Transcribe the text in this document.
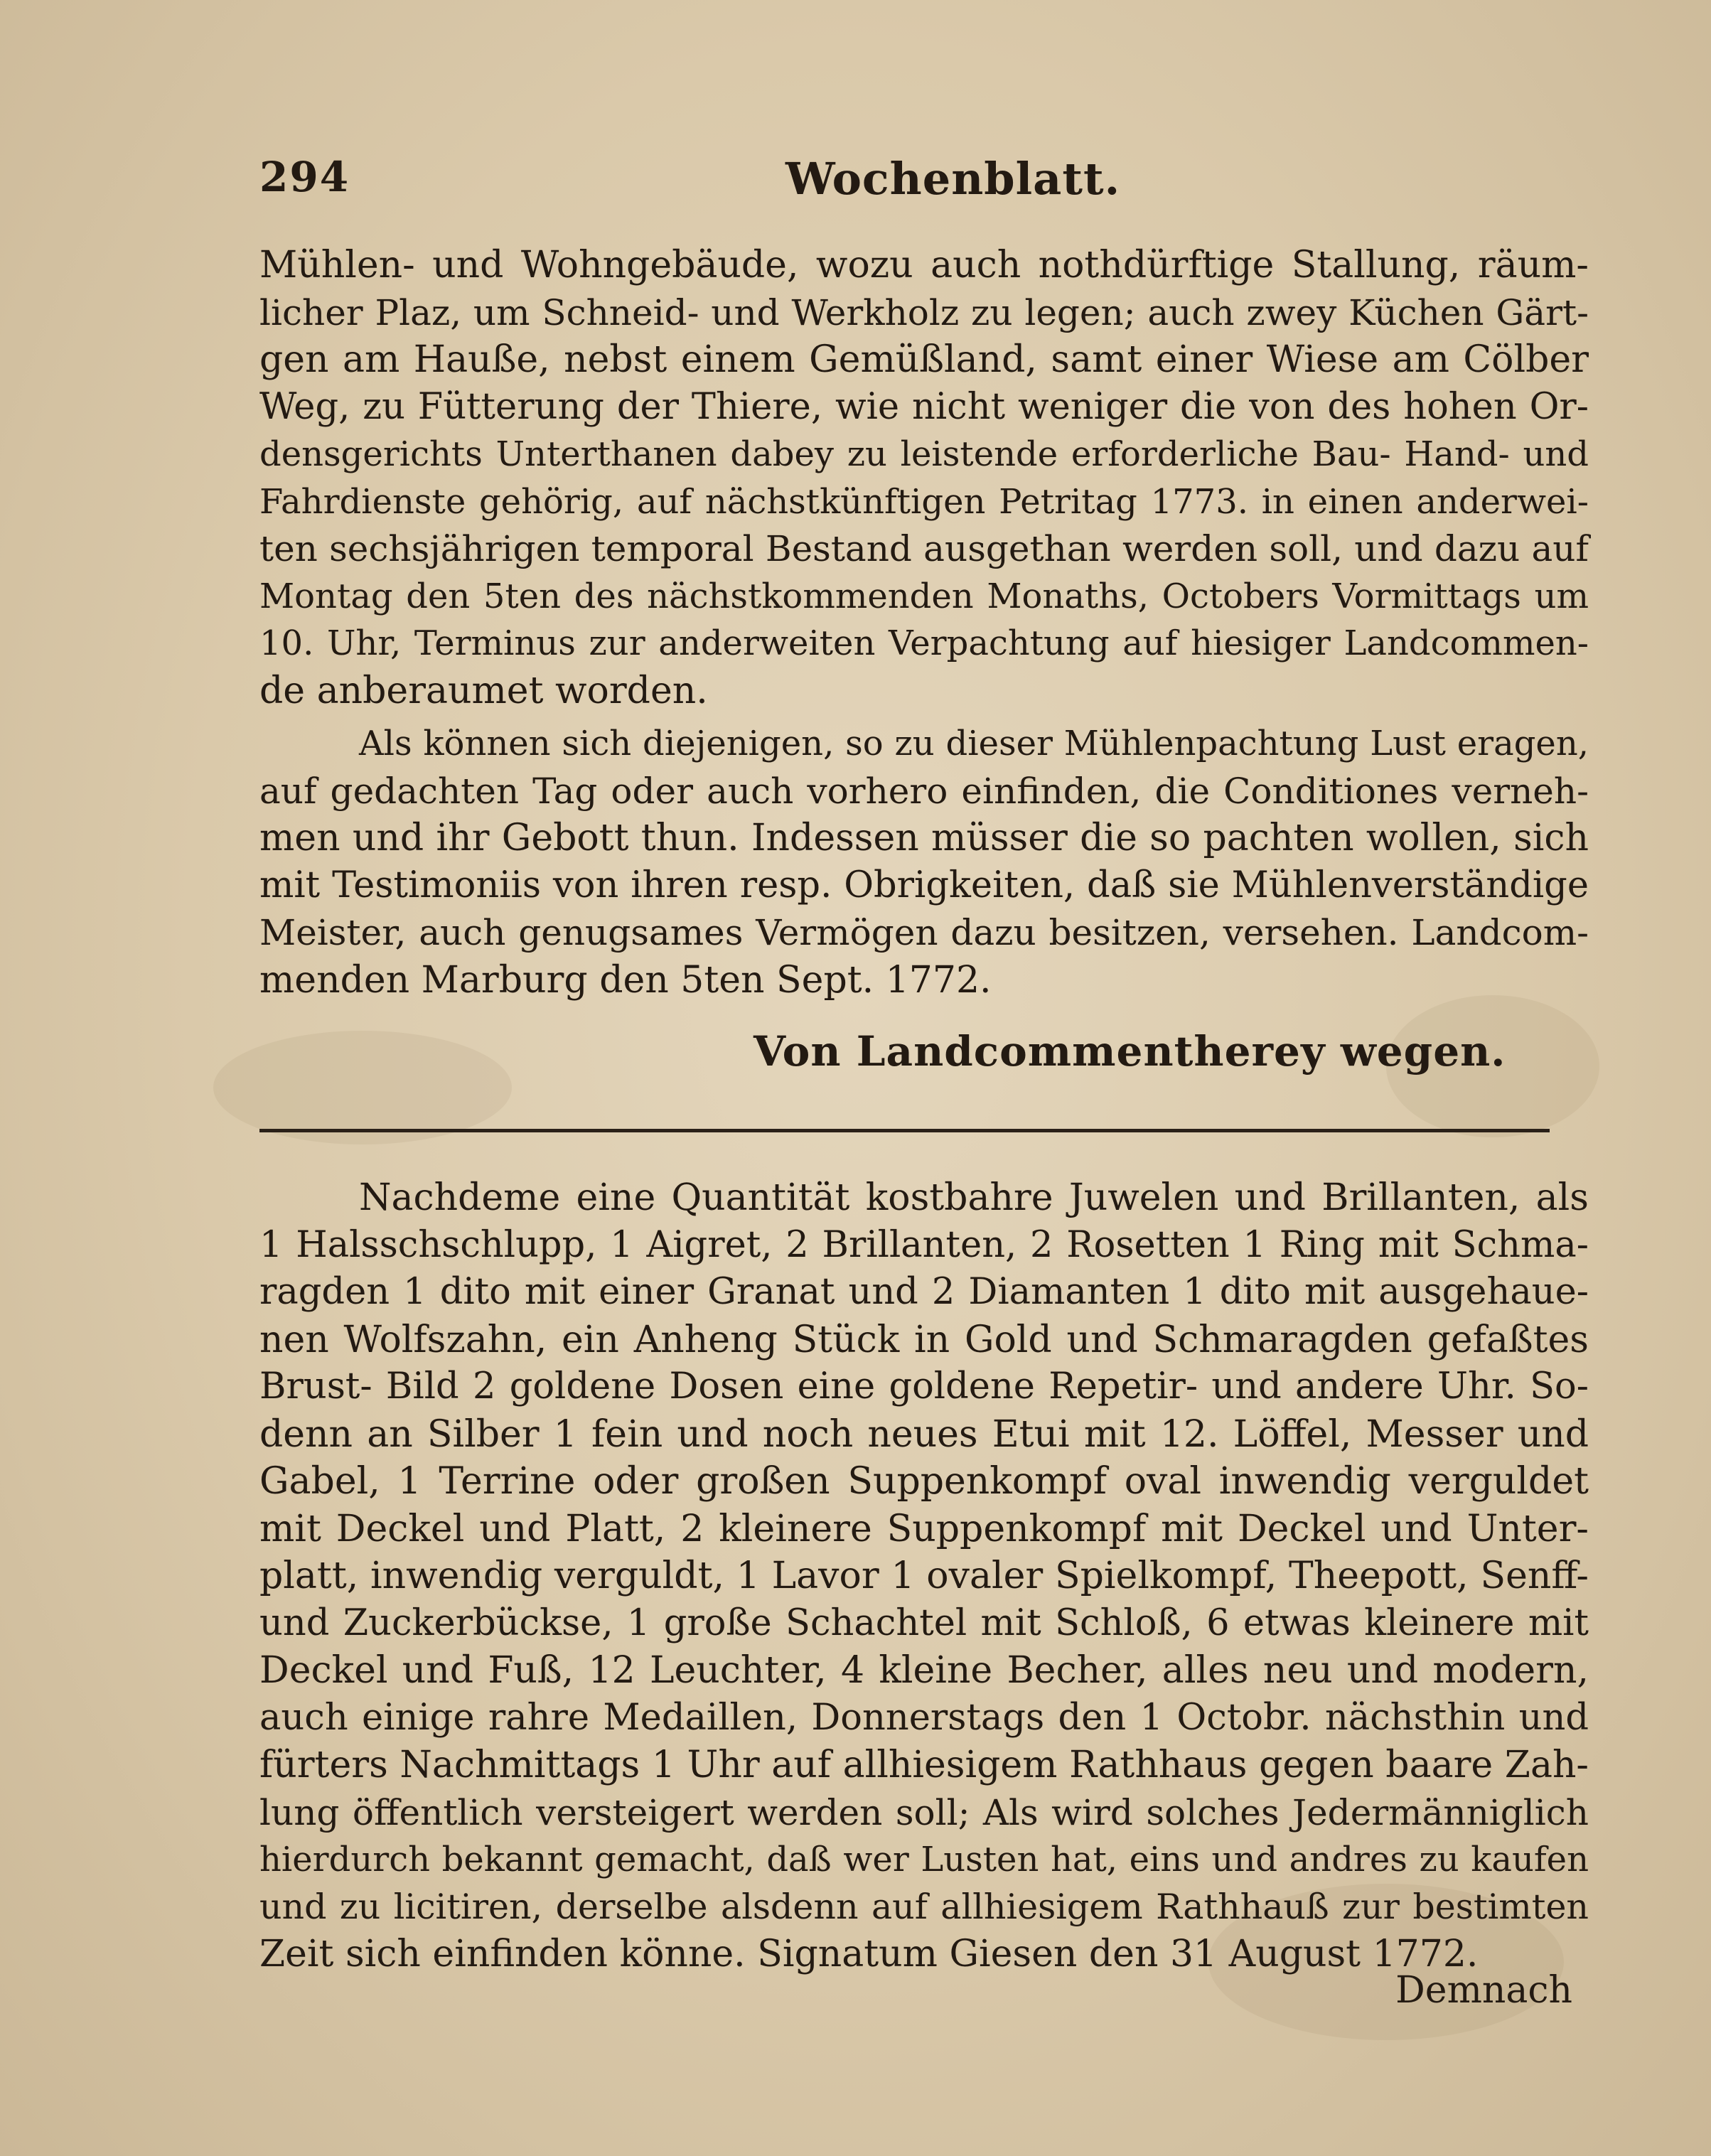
294	Wochenblatt.
Mühlen- und Wohngebäude, wozu auch nothdürftige Stallung, räum-
licher Plaz, um Schneid- und Werkholz zu legen; auch zwey Küchen Gärt-
gen am Hauße, nebst einem Gemüßland, samt einer Wiese am Cölber
Weg, zu Fütterung der Thiere, wie nicht weniger die von des hohen Or-
densgerichts Unterthanen dabey zu leistende erforderliche Bau- Hand- und
Fahrdienste gehörig, auf nächstkünftigen Petritag 1773. in einen anderwei-
ten sechsjährigen temporal Bestand ausgethan werden soll, und dazu auf
Montag den 5ten des nächstkommenden Monaths, Octobers Vormittags um
10. Uhr, Terminus zur anderweiten Verpachtung auf hiesiger Landcommen-
de anberaumet worden.
Als können sich diejenigen, so zu dieser Mühlenpachtung Lust eragen,
auf gedachten Tag oder auch vorhero einfinden, die Conditiones verneh-
men und ihr Gebott thun. Indessen müsser die so pachten wollen, sich
mit Testimoniis von ihren resp. Obrigkeiten, daß sie Mühlenverständige
Meister, auch genugsames Vermögen dazu besitzen, versehen. Landcom-
menden Marburg den 5ten Sept. 1772.
Von Landcommentherey wegen.
Nachdeme eine Quantität kostbahre Juwelen und Brillanten, als
1 Halsschschlupp, 1 Aigret, 2 Brillanten, 2 Rosetten 1 Ring mit Schma-
ragden 1 dito mit einer Granat und 2 Diamanten 1 dito mit ausgehaue-
nen Wolfszahn, ein Anheng Stück in Gold und Schmaragden gefaßtes
Brust- Bild 2 goldene Dosen eine goldene Repetir- und andere Uhr. So-
denn an Silber 1 fein und noch neues Etui mit 12. Löffel, Messer und
Gabel, 1 Terrine oder großen Suppenkompf oval inwendig verguldet
mit Deckel und Platt, 2 kleinere Suppenkompf mit Deckel und Unter-
platt, inwendig verguldt, 1 Lavor 1 ovaler Spielkompf, Theepott, Senff-
und Zuckerbückse, 1 große Schachtel mit Schloß, 6 etwas kleinere mit
Deckel und Fuß, 12 Leuchter, 4 kleine Becher, alles neu und modern,
auch einige rahre Medaillen, Donnerstags den 1 Octobr. nächsthin und
fürters Nachmittags 1 Uhr auf allhiesigem Rathhaus gegen baare Zah-
lung öffentlich versteigert werden soll; Als wird solches Jedermänniglich
hierdurch bekannt gemacht, daß wer Lusten hat, eins und andres zu kaufen
und zu licitiren, derselbe alsdenn auf allhiesigem Rathhauß zur bestimten
Zeit sich einfinden könne. Signatum Giesen den 31 August 1772.
Demnach
